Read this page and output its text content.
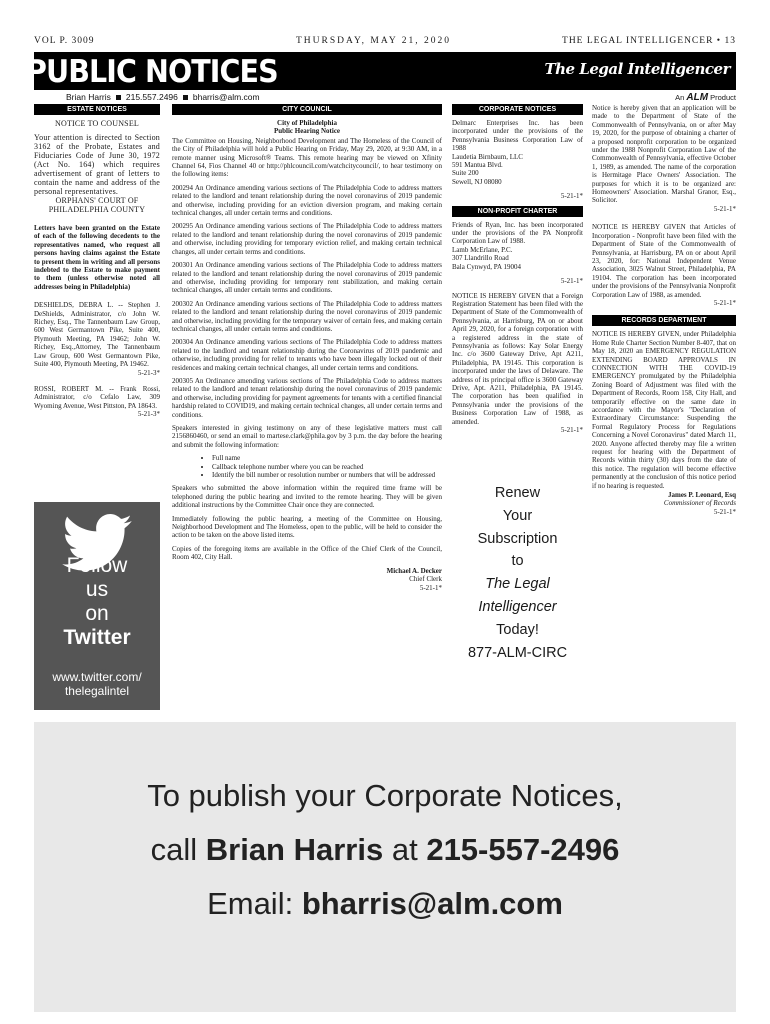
VOL P. 3009	THURSDAY, MAY 21, 2020	THE LEGAL INTELLIGENCER • 13
PUBLIC NOTICES	The Legal Intelligencer
Brian Harris 215.557.2496 bharris@alm.com	An ALM Product
ESTATE NOTICES

NOTICE TO COUNSEL

Your attention is directed to Section 3162 of the Probate, Estates and Fiduciaries Code of June 30, 1972 (Act No. 164) which requires advertisement of grant of letters to contain the name and address of the personal representatives.

ORPHANS' COURT OF PHILADELPHIA COUNTY

Letters have been granted on the Estate of each of the following decedents to the representatives named, who request all persons having claims against the Estate to present them in writing and all persons indebted to the Estate to make payment to them (unless otherwise noted all addresses being in Philadelphia)

DESHIELDS, DEBRA L. -- Stephen J. DeShields, Administrator, c/o John W. Richey, Esq., The Tannenbaum Law Group, 600 West Germantown Pike, Suite 400, Plymouth Meeting, PA 19462; John W. Richey, Esq.,Attorney, The Tannenbaum Law Group, 600 West Germantown Pike, Suite 400, Plymouth Meeting, PA 19462.

5-21-3*

ROSSI, ROBERT M. -- Frank Rossi, Administrator, c/o Cefalo Law, 309 Wyoming Avenue, West Pittston, PA 18643.

5-21-3*

Follow
us
on
Twitter
www.twitter.com/
thelegalintel
CITY COUNCIL

City of Philadelphia

Public Hearing Notice

The Committee on Housing, Neighborhood Development and The Homeless of the Council of the City of Philadelphia will hold a Public Hearing on Friday, May 29, 2020, at 9:30 AM, in a remote manner using Microsoft® Teams. This remote hearing may be viewed on Xfinity Channel 64, Fios Channel 40 or http://phlcouncil.com/watchcitycouncil/, to hear testimony on the following items:

200294 An Ordinance amending various sections of The Philadelphia Code to address matters related to the landlord and tenant relationship during the novel coronavirus of 2019 pandemic and otherwise, including providing for an eviction diversion program, and making certain technical changes, all under certain terms and conditions.

200295 An Ordinance amending various sections of The Philadelphia Code to address matters related to the landlord and tenant relationship during the novel coronavirus of 2019 pandemic and otherwise, including providing for temporary eviction relief, and making certain technical changes, all under certain terms and conditions.

200301 An Ordinance amending various sections of The Philadelphia Code to address matters related to the landlord and tenant relationship during the novel coronavirus of 2019 pandemic and otherwise, including providing for temporary rent stabilization, and making certain technical changes, all under certain terms and conditions.

200302 An Ordinance amending various sections of The Philadelphia Code to address matters related to the landlord and tenant relationship during the novel coronavirus of 2019 pandemic and otherwise, including providing for the temporary waiver of certain fees, and making certain technical changes, all under certain terms and conditions.

200304 An Ordinance amending various sections of The Philadelphia Code to address matters related to the landlord and tenant relationship during the Coronavirus of 2019 pandemic and otherwise, including providing for relief to tenants who have been illegally locked out of their residences and making certain technical changes, all under certain terms and conditions.

200305 An Ordinance amending various sections of The Philadelphia Code to address matters related to the landlord and tenant relationship during the novel coronavirus of 2019 pandemic and otherwise, including providing for payment agreements for tenants with a certified financial hardship related to COVID19, and making certain technical changes, all under certain terms and conditions.

Speakers interested in giving testimony on any of these legislative matters must call 2156860460, or send an email to martese.clark@phila.gov by 3 p.m. the day before the hearing and submit the following information:

• Full name
• Callback telephone number where you can be reached
• Identify the bill number or resolution number or numbers that will be addressed

Speakers who submitted the above information within the required time frame will be telephoned during the public hearing and invited to the remote hearing. They will be given additional instructions by the Committee Chair once they are connected.

Immediately following the public hearing, a meeting of the Committee on Housing, Neighborhood Development and The Homeless, open to the public, will be held to consider the action to be taken on the above listed items.

Copies of the foregoing items are available in the Office of the Chief Clerk of the Council, Room 402, City Hall.

Michael A. Decker

Chief Clerk

5-21-1*

CORPORATE NOTICES

Delmarc Enterprises Inc. has been incorporated under the provisions of the Pennsylvania Business Corporation Law of 1988

Laudetia Birnbaum, LLC
591 Mantua Blvd.
Suite 200
Sewell, NJ 08080

5-21-1*

NON-PROFIT CHARTER

Friends of Ryan, Inc. has been incorporated under the provisions of the PA Nonprofit Corporation Law of 1988.

Lamb McErlane, P.C.
307 Llandrillo Road
Bala Cynwyd, PA 19004

5-21-1*

NOTICE IS HEREBY GIVEN that a Foreign Registration Statement has been filed with the Department of State of the Commonwealth of Pennsylvania, at Harrisburg, PA on or about April 29, 2020, for a foreign corporation with a registered address in the state of Pennsylvania as follows: Kay Solar Energy Inc. c/o 3600 Gateway Drive, Apt A211, Philadelphia, PA 19145. This corporation is incorporated under the laws of Delaware. The address of its principal office is 3600 Gateway Drive, Apt. A211, Philadelphia, PA 19145. The corporation has been qualified in Pennsylvania under the provisions of the Business Corporation Law of 1988, as amended.

5-21-1*

Renew
Your
Subscription
to
The Legal
Intelligencer
Today!
877-ALM-CIRC

Notice is hereby given that an application will be made to the Department of State of the Commonwealth of Pennsylvania, on or after May 19, 2020, for the purpose of obtaining a charter of a proposed nonprofit corporation to be organized under the 1988 Nonprofit Corporation Law of the Commonwealth of Pennsylvania, effective October 1, 1989, as amended. The name of the corporation is Hermitage Place Owners' Association. The purposes for which it is to be organized are: Homeowners' Association. Marshal Granor, Esq., Solicitor.

5-21-1*

NOTICE IS HEREBY GIVEN that Articles of Incorporation - Nonprofit have been filed with the Department of State of the Commonwealth of Pennsylvania, at Harrisburg, PA on or about April 23, 2020, for: National Independent Venue Association, 3025 Walnut Street, Philadelphia, PA 19104. The corporation has been incorporated under the provisions of the Pennsylvania Nonprofit Corporation Law of 1988, as amended.

5-21-1*

RECORDS DEPARTMENT

NOTICE IS HEREBY GIVEN, under Philadelphia Home Rule Charter Section Number 8-407, that on May 18, 2020 an EMERGENCY REGULATION EXTENDING BOARD APPROVALS IN CONNECTION WITH THE COVID-19 EMERGENCY promulgated by the Philadelphia Zoning Board of Adjustment was filed with the Department of Records, Room 158, City Hall, and temporarily effective on the same date in accordance with the Mayor's "Declaration of Extraordinary Circumstance: Suspending the Formal Regulatory Process for Regulations Concerning a Novel Coronavirus" dated March 11, 2020. Anyone affected thereby may file a written request for hearing with the Department of Records within thirty (30) days from the date of this notice. The regulation will become effective permanently at the conclusion of this notice period if no hearing is requested.

James P. Leonard, Esq

Commissioner of Records

5-21-1*

To publish your Corporate Notices,
call Brian Harris at 215-557-2496
Email: bharris@alm.com
